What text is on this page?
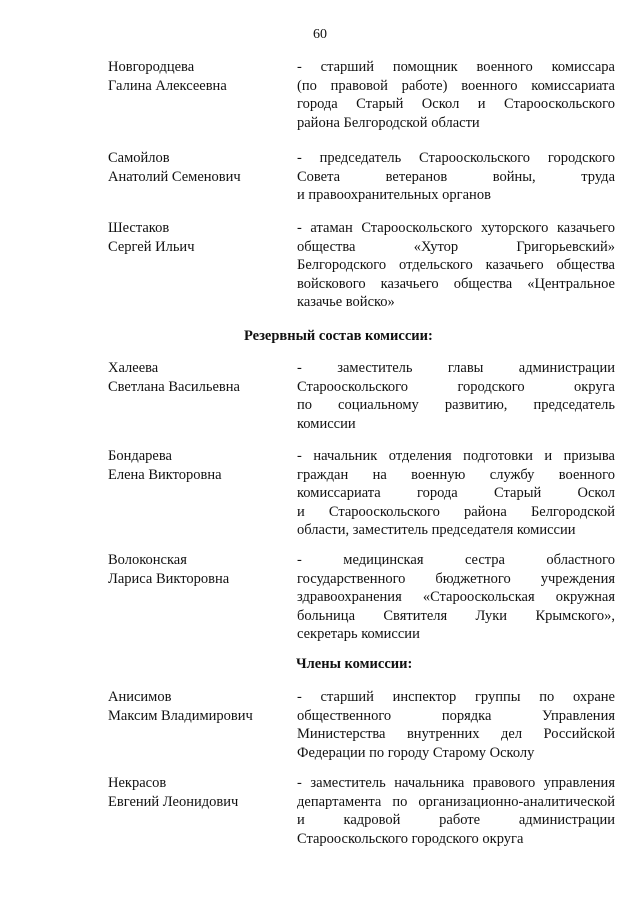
60
Новгородцева
Галина Алексеевна
- старший помощник военного комиссара
(по правовой работе) военного комиссариата
города Старый Оскол и Старооскольского
района Белгородской области
Самойлов
Анатолий Семенович
- председатель Старооскольского городского
Совета ветеранов войны, труда
и правоохранительных органов
Шестаков
Сергей Ильич
- атаман Старооскольского хуторского казачьего
общества «Хутор Григорьевский»
Белгородского отдельского казачьего общества
войскового казачьего общества «Центральное
казачье войско»
Резервный состав комиссии:
Халеева
Светлана Васильевна
- заместитель главы администрации
Старооскольского городского округа
по социальному развитию, председатель
комиссии
Бондарева
Елена Викторовна
- начальник отделения подготовки и призыва
граждан на военную службу военного
комиссариата города Старый Оскол
и Старооскольского района Белгородской
области, заместитель председателя комиссии
Волоконская
Лариса Викторовна
- медицинская сестра областного
государственного бюджетного учреждения
здравоохранения «Старооскольская окружная
больница Святителя Луки Крымского»,
секретарь комиссии
Члены комиссии:
Анисимов
Максим Владимирович
- старший инспектор группы по охране
общественного порядка Управления
Министерства внутренних дел Российской
Федерации по городу Старому Осколу
Некрасов
Евгений Леонидович
- заместитель начальника правового управления
департамента по организационно-аналитической
и кадровой работе администрации
Старооскольского городского округа
